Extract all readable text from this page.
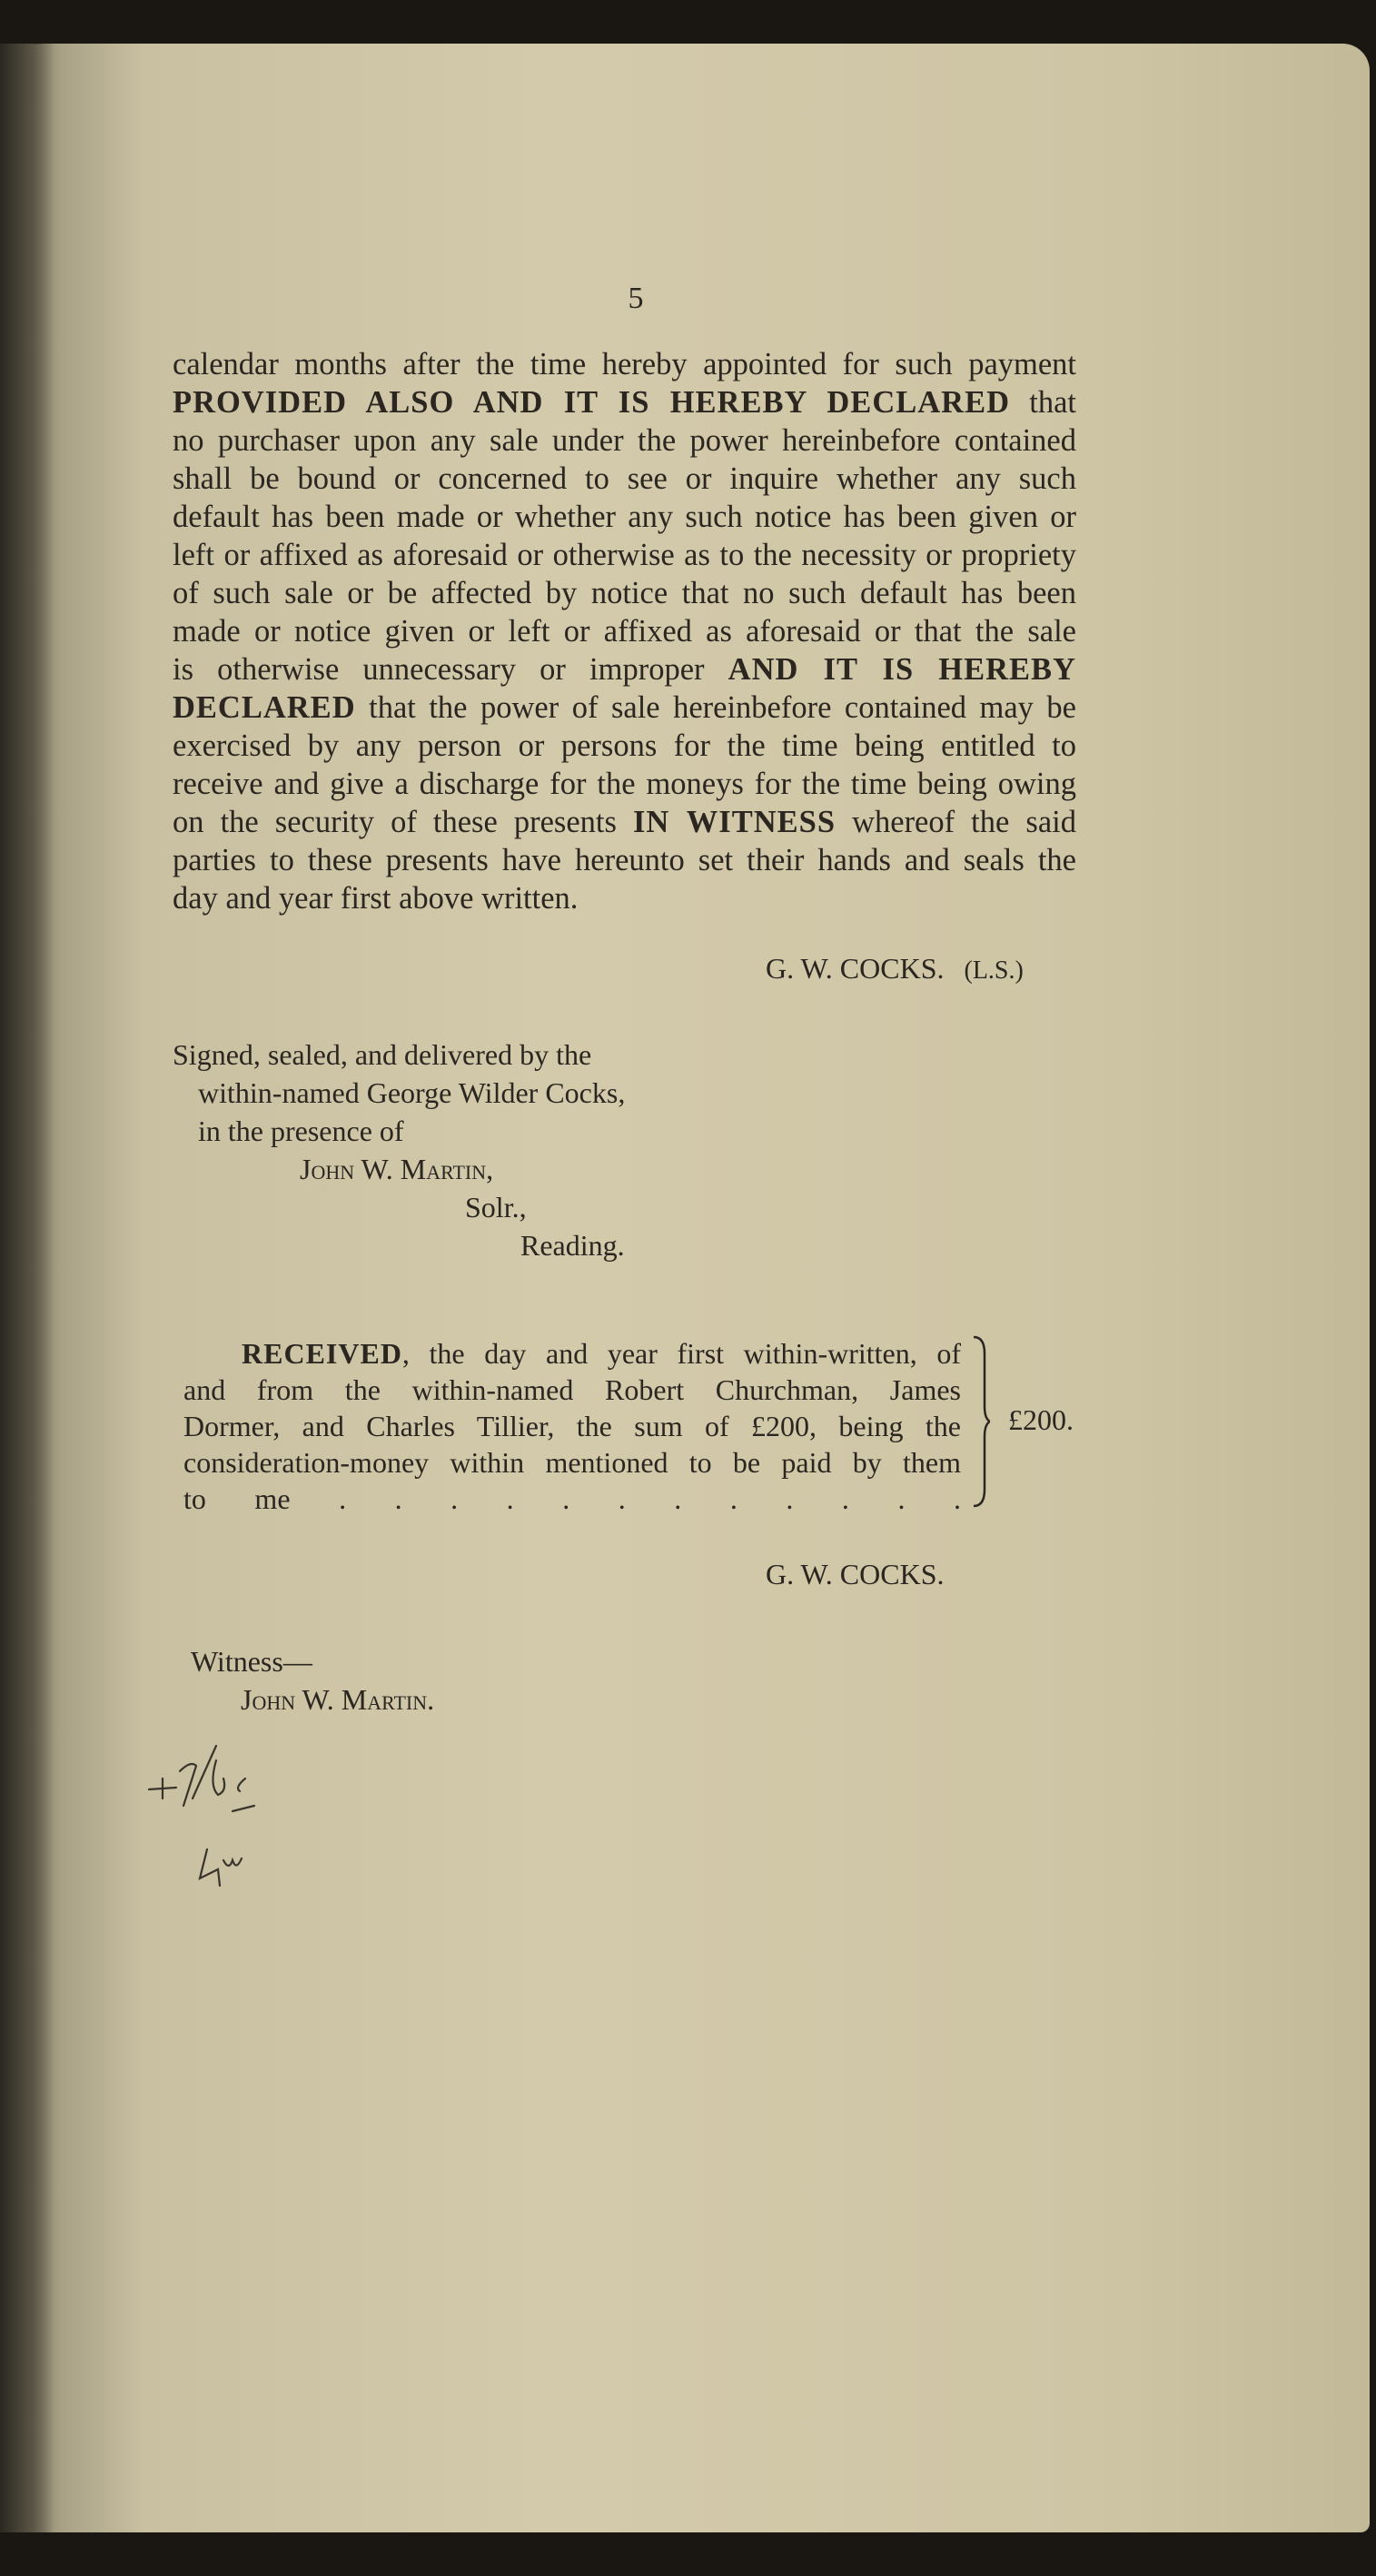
5
calendar months after the time hereby appointed for such payment
PROVIDED ALSO AND IT IS HEREBY DECLARED that
no purchaser upon any sale under the power hereinbefore contained
shall be bound or concerned to see or inquire whether any such
default has been made or whether any such notice has been given or
left or affixed as aforesaid or otherwise as to the necessity or propriety
of such sale or be affected by notice that no such default has been
made or notice given or left or affixed as aforesaid or that the sale
is otherwise unnecessary or improper AND IT IS HEREBY
DECLARED that the power of sale hereinbefore contained may be
exercised by any person or persons for the time being entitled to
receive and give a discharge for the moneys for the time being owing
on the security of these presents IN WITNESS whereof the said
parties to these presents have hereunto set their hands and seals the
day and year first above written.
G. W. COCKS. (L.S.)
Signed, sealed, and delivered by the
within-named George Wilder Cocks,
in the presence of
John W. Martin,
Solr.,
Reading.
RECEIVED, the day and year first within-written, of
and from the within-named Robert Churchman, James
Dormer, and Charles Tillier, the sum of £200, being the
consideration-money within mentioned to be paid by them
to me . . . . . . . . . . . .
£200.
G. W. COCKS.
Witness—
John W. Martin.
